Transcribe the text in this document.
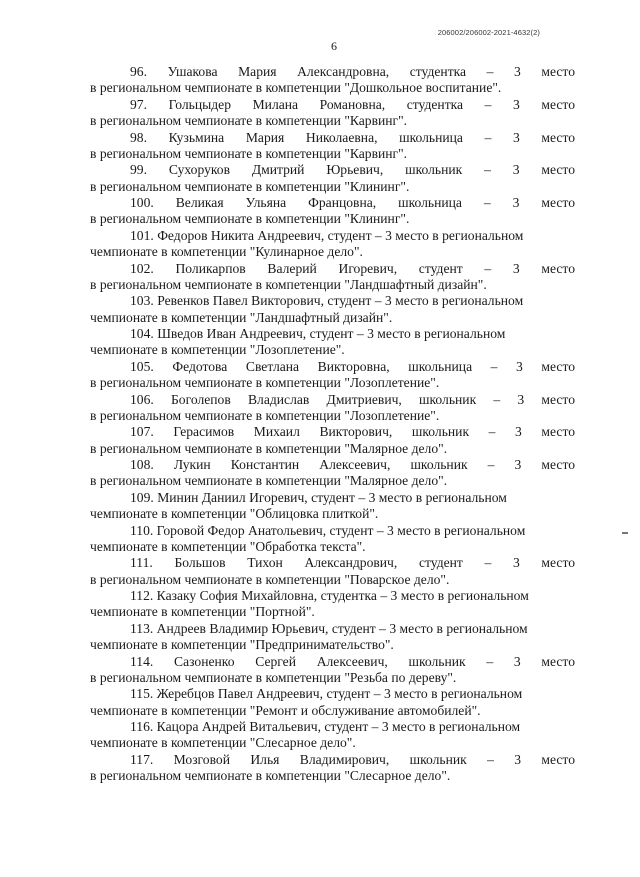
206002/206002-2021-4632(2)
6
96. Ушакова Мария Александровна, студентка – 3 место
в региональном чемпионате в компетенции "Дошкольное воспитание".
97. Гольцыдер Милана Романовна, студентка – 3 место
в региональном чемпионате в компетенции "Карвинг".
98. Кузьмина Мария Николаевна, школьница – 3 место
в региональном чемпионате в компетенции "Карвинг".
99. Сухоруков Дмитрий Юрьевич, школьник – 3 место
в региональном чемпионате в компетенции "Клининг".
100. Великая Ульяна Францовна, школьница – 3 место
в региональном чемпионате в компетенции "Клининг".
101. Федоров Никита Андреевич, студент – 3 место в региональном
чемпионате в компетенции "Кулинарное дело".
102. Поликарпов Валерий Игоревич, студент – 3 место
в региональном чемпионате в компетенции "Ландшафтный дизайн".
103. Ревенков Павел Викторович, студент – 3 место в региональном
чемпионате в компетенции "Ландшафтный дизайн".
104. Шведов Иван Андреевич, студент – 3 место в региональном
чемпионате в компетенции "Лозоплетение".
105. Федотова Светлана Викторовна, школьница – 3 место
в региональном чемпионате в компетенции "Лозоплетение".
106. Боголепов Владислав Дмитриевич, школьник – 3 место
в региональном чемпионате в компетенции "Лозоплетение".
107. Герасимов Михаил Викторович, школьник – 3 место
в региональном чемпионате в компетенции "Малярное дело".
108. Лукин Константин Алексеевич, школьник – 3 место
в региональном чемпионате в компетенции "Малярное дело".
109. Минин Даниил Игоревич, студент – 3 место в региональном
чемпионате в компетенции "Облицовка плиткой".
110. Горовой Федор Анатольевич, студент – 3 место в региональном
чемпионате в компетенции "Обработка текста".
111. Большов Тихон Александрович, студент – 3 место
в региональном чемпионате в компетенции "Поварское дело".
112. Казаку София Михайловна, студентка – 3 место в региональном
чемпионате в компетенции "Портной".
113. Андреев Владимир Юрьевич, студент – 3 место в региональном
чемпионате в компетенции "Предпринимательство".
114. Сазоненко Сергей Алексеевич, школьник – 3 место
в региональном чемпионате в компетенции "Резьба по дереву".
115. Жеребцов Павел Андреевич, студент – 3 место в региональном
чемпионате в компетенции "Ремонт и обслуживание автомобилей".
116. Кацора Андрей Витальевич, студент – 3 место в региональном
чемпионате в компетенции "Слесарное дело".
117. Мозговой Илья Владимирович, школьник – 3 место
в региональном чемпионате в компетенции "Слесарное дело".
